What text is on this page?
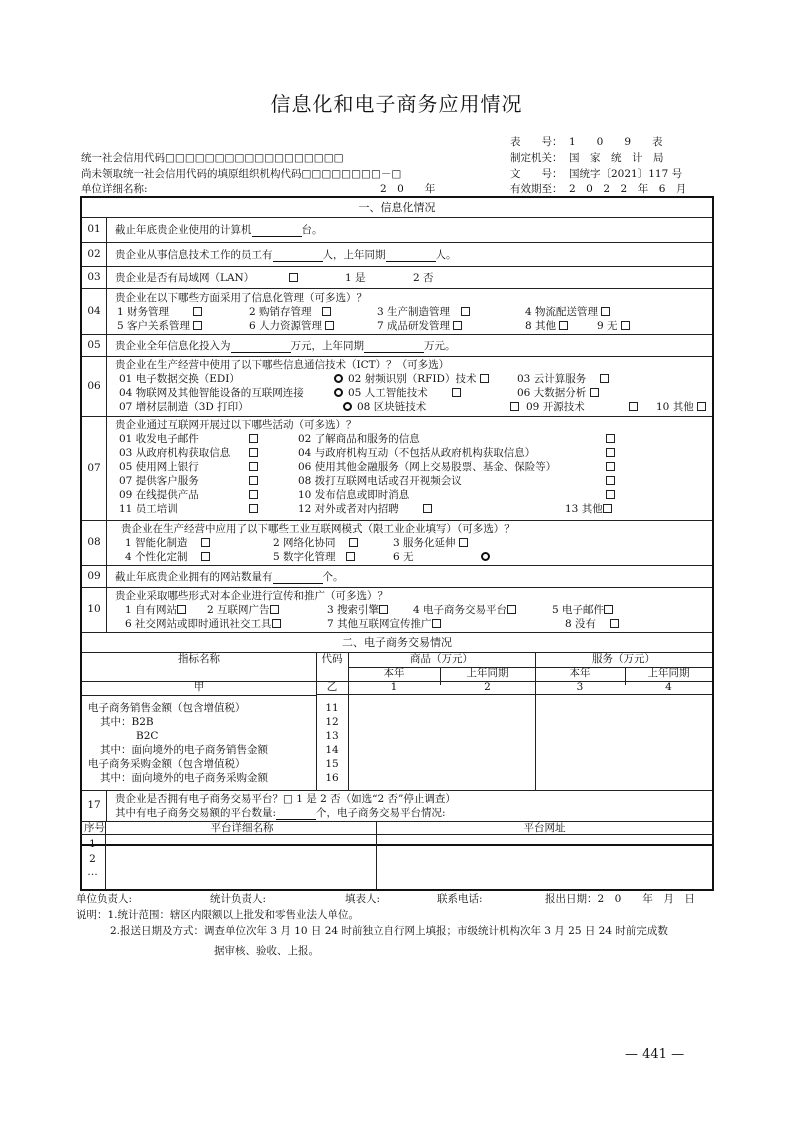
信息化和电子商务应用情况
表　　号： 1　　0　　9　　表
制定机关： 国　家　统　计　局
文　　号： 国统字〔2021〕117 号
有效期至： 2　0　2　2　年　6　月
统一社会信用代码□□□□□□□□□□□□□□□□□□
尚未领取统一社会信用代码的填原组织机构代码□□□□□□□□－□
单位详细名称:	2　0　　年
一、信息化情况
01	截止年底贵企业使用的计算机	台。
02	贵企业从事信息技术工作的员工有	人，上年同期	人。
03	贵企业是否有局域网（LAN）	1 是	2 否
04
贵企业在以下哪些方面采用了信息化管理（可多选）？
1 财务管理 　　	2 购销存管理　	3 生产制造管理　	4 物流配送管理
5 客户关系管理	6 人力资源管理	7 成品研发管理	8 其他	9 无
05	贵企业全年信息化投入为	万元，上年同期	万元。
06
贵企业在生产经营中使用了以下哪些信息通信技术（ICT）？（可多选）
01 电子数据交换（EDI）	02 射频识别（RFID）技术	03 云计算服务　
04 物联网及其他智能设备的互联网连接	05 人工智能技术　　	06 大数据分析
07 增材层制造（3D 打印）	08 区块链技术	09 开源技术	10 其他
07
贵企业通过互联网开展过以下哪些活动（可多选）？
01 收发电子邮件	02 了解商品和服务的信息
03 从政府机构获取信息	04 与政府机构互动（不包括从政府机构获取信息）
05 使用网上银行	06 使用其他金融服务（网上交易股票、基金、保险等）
07 提供客户服务	08 拨打互联网电话或召开视频会议
09 在线提供产品	10 发布信息或即时消息
11 员工培训	12 对外或者对内招聘	13 其他
08
贵企业在生产经营中应用了以下哪些工业互联网模式（限工业企业填写）（可多选）？
1 智能化制造　	2 网络化协同　	3 服务化延伸
4 个性化定制　	5 数字化管理　	6 无
09	截止年底贵企业拥有的网站数量有	个。
10
贵企业采取哪些形式对本企业进行宣传和推广（可多选）？
1 自有网站	2 互联网广告	3 搜索引擎	4 电子商务交易平台	5 电子邮件
6 社交网站或即时通讯社交工具	7 其他互联网宣传推广	8 没有　
二、电子商务交易情况
指标名称	代码	商品（万元）	服务（万元）
本年	上年同期	本年	上年同期
甲	乙	1	2	3	4
电子商务销售金额（包含增值税）	11
其中：B2B	12
B2C	13
其中：面向境外的电子商务销售金额	14
电子商务采购金额（包含增值税）	15
其中：面向境外的电子商务采购金额	16
17
贵企业是否拥有电子商务交易平台？□ 1 是 2 否（如选“2 否”停止调查）
其中有电子商务交易额的平台数量:	个，电子商务交易平台情况:
序号	平台详细名称	平台网址
1
2
…
单位负责人:	统计负责人:	填表人:	联系电话:	报出日期：2　0　　年　月　日
说明：1.统计范围：辖区内限额以上批发和零售业法人单位。
2.报送日期及方式：调查单位次年 3 月 10 日 24 时前独立自行网上填报；市级统计机构次年 3 月 25 日 24 时前完成数
据审核、验收、上报。
— 441 —
